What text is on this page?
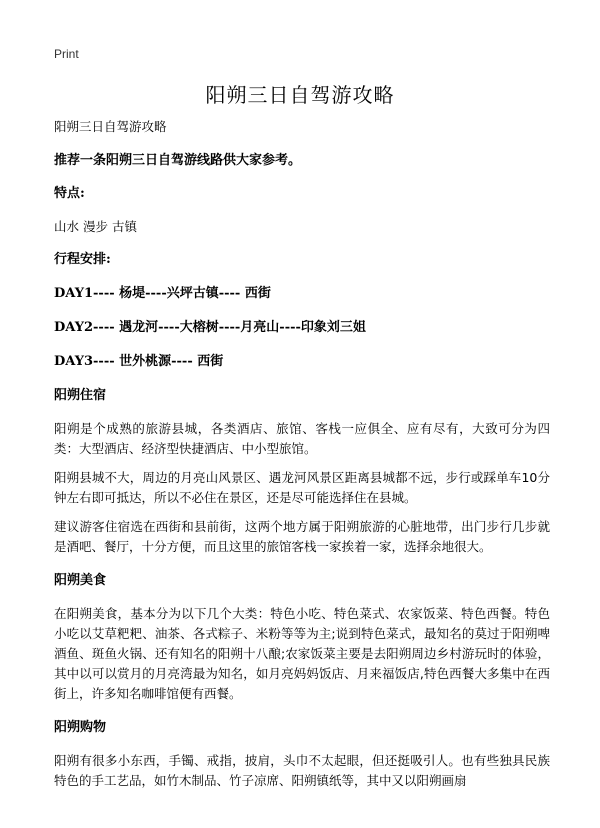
Print
阳朔三日自驾游攻略

阳朔三日自驾游攻略

推荐一条阳朔三日自驾游线路供大家参考。

特点:

山水 漫步 古镇

行程安排:

DAY1---- 杨堤----兴坪古镇---- 西街

DAY2---- 遇龙河----大榕树----月亮山----印象刘三姐

DAY3---- 世外桃源---- 西街

阳朔住宿

阳朔是个成熟的旅游县城，各类酒店、旅馆、客栈一应俱全、应有尽有，大致可分为四类：大型酒店、经济型快捷酒店、中小型旅馆。

阳朔县城不大，周边的月亮山风景区、遇龙河风景区距离县城都不远，步行或踩单车10分钟左右即可抵达，所以不必住在景区，还是尽可能选择住在县城。

建议游客住宿选在西街和县前街，这两个地方属于阳朔旅游的心脏地带，出门步行几步就是酒吧、餐厅，十分方便，而且这里的旅馆客栈一家挨着一家，选择余地很大。

阳朔美食

在阳朔美食，基本分为以下几个大类：特色小吃、特色菜式、农家饭菜、特色西餐。特色小吃以艾草粑粑、油茶、各式粽子、米粉等等为主;说到特色菜式，最知名的莫过于阳朔啤酒鱼、斑鱼火锅、还有知名的阳朔十八酿;农家饭菜主要是去阳朔周边乡村游玩时的体验，其中以可以赏月的月亮湾最为知名，如月亮妈妈饭店、月来福饭店,特色西餐大多集中在西街上，许多知名咖啡馆便有西餐。

阳朔购物

阳朔有很多小东西，手镯、戒指，披肩，头巾不太起眼，但还挺吸引人。也有些独具民族特色的手工艺品，如竹木制品、竹子凉席、阳朔镇纸等，其中又以阳朔画扇
